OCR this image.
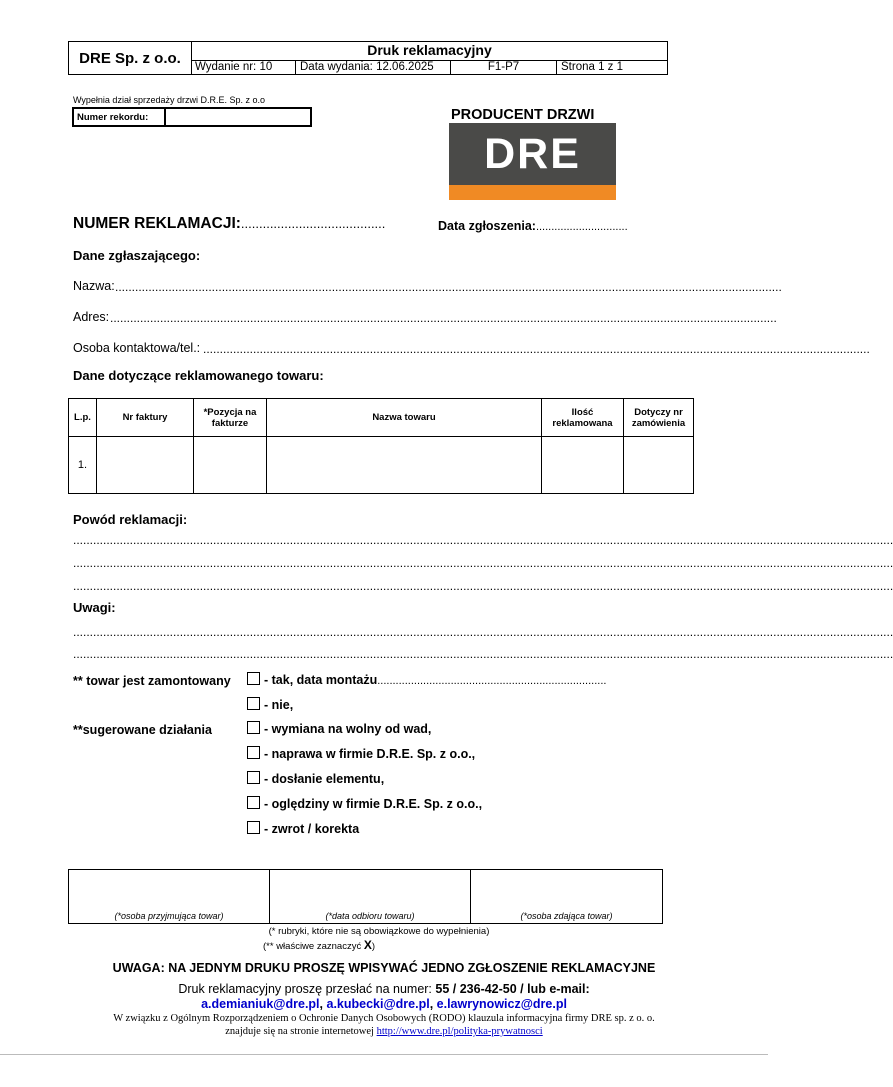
DRE Sp. z o.o.	Druk reklamacyjny			
	Wydanie nr: 10	Data wydania: 12.06.2025	F1-P7	Strona 1 z 1
Wypełnia dział sprzedaży drzwi D.R.E. Sp. z o.o
Numer rekordu:		PRODUCENT DRZWI
DRE
NUMER REKLAMACJI:........................................	Data zgłoszenia:..............................
Dane zgłaszającego:
Nazwa: ........................................................................................................................................................................................................
Adres: ........................................................................................................................................................................................................
Osoba kontaktowa/tel.: ........................................................................................................................................................................................................
Dane dotyczące reklamowanego towaru:
L.p.	Nr faktury	*Pozycja na fakturze	Nazwa towaru	Ilość reklamowana	Dotyczy nr zamówienia
1.					
Powód reklamacji:
......................................................................................................................................................................................................................................................
......................................................................................................................................................................................................................................................
......................................................................................................................................................................................................................................................
Uwagi:
......................................................................................................................................................................................................................................................
......................................................................................................................................................................................................................................................
** towar jest zamontowany	- tak, data montażu...........................................................................
- nie,
**sugerowane działania	- wymiana na wolny od wad,
- naprawa w firmie D.R.E. Sp. z o.o.,
- dosłanie elementu,
- oględziny w firmie D.R.E. Sp. z o.o.,
- zwrot / korekta
(*osoba przyjmująca towar)	(*data odbioru towaru)	(*osoba zdająca towar)
(* rubryki, które nie są obowiązkowe do wypełnienia)
(** właściwe zaznaczyć X)
UWAGA: NA JEDNYM DRUKU PROSZĘ WPISYWAĆ JEDNO ZGŁOSZENIE REKLAMACYJNE
Druk reklamacyjny proszę przesłać na numer: 55 / 236-42-50 / lub e-mail:
a.demianiuk@dre.pl, a.kubecki@dre.pl, e.lawrynowicz@dre.pl
W związku z Ogólnym Rozporządzeniem o Ochronie Danych Osobowych (RODO) klauzula informacyjna firmy DRE sp. z o. o.
znajduje się na stronie internetowej http://www.dre.pl/polityka-prywatnosci
